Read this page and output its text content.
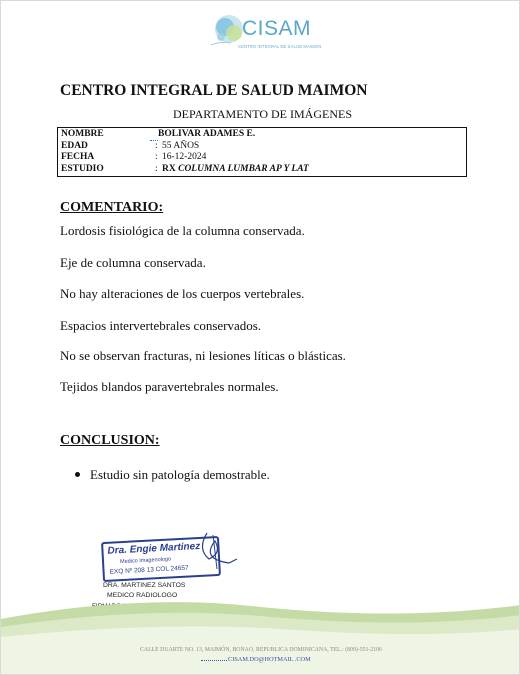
CISAM
CENTRO INTEGRAL DE SALUD MAIMON
CENTRO INTEGRAL DE SALUD MAIMON
DEPARTAMENTO DE IMÁGENES
NOMBRE	BOLIVAR ADAMES E.
EDAD	: 55 AÑOS
FECHA	: 16-12-2024
ESTUDIO	: RX COLUMNA LUMBAR AP Y LAT
COMENTARIO:
Lordosis fisiológica de la columna conservada.
Eje de columna conservada.
No hay alteraciones de los cuerpos vertebrales.
Espacios intervertebrales conservados.
No se observan fracturas, ni lesiones líticas o blásticas.
Tejidos blandos paravertebrales normales.
CONCLUSION:
Estudio sin patología demostrable.
Dra. Engie Martinez
Medico Imagenologo
EXQ Nº 208 13 COL 24657
DRA. MARTINEZ SANTOS
MEDICO RADIOLOGO
CALLE DUARTE NO. 13, MAIMÓN, BONAO, REPUBLICA DOMINICANA, TEL.: (809)-551-2106
CISAM.DO@HOTMAIL .COM
